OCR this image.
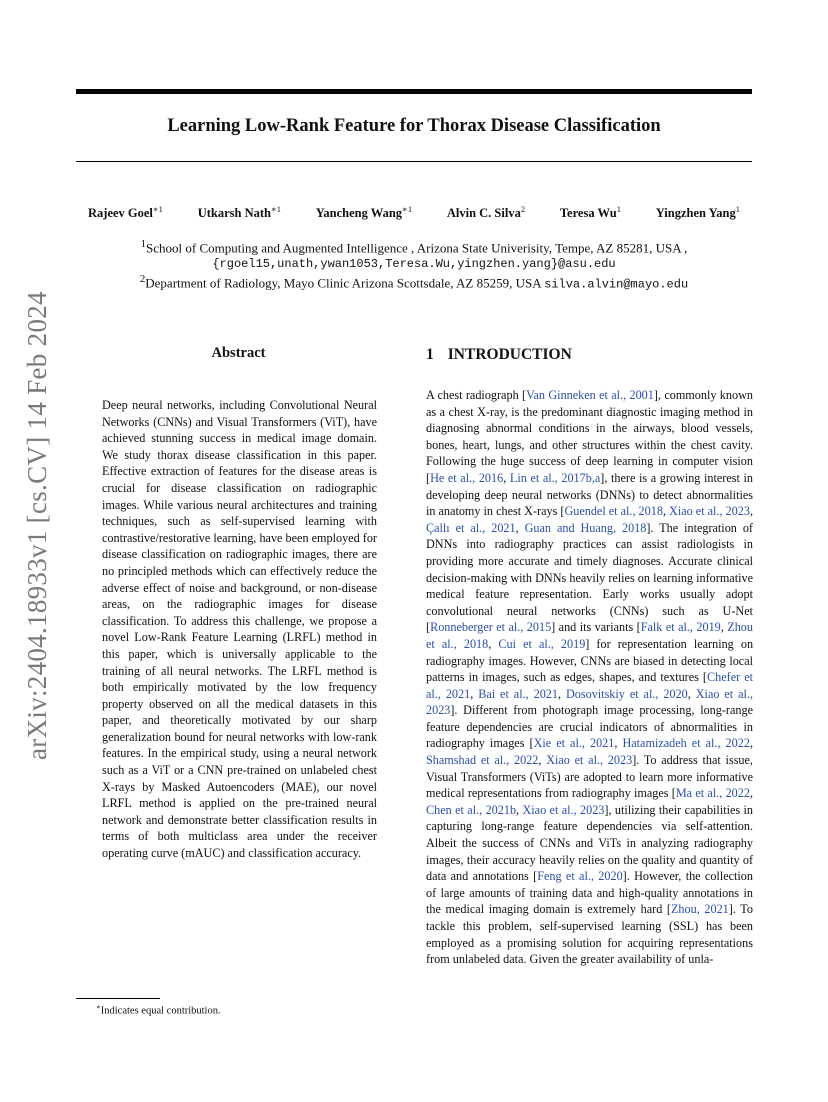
arXiv:2404.18933v1 [cs.CV] 14 Feb 2024
Learning Low-Rank Feature for Thorax Disease Classification
Rajeev Goel$^{∗1}$	Utkarsh Nath$^{∗1}$	Yancheng Wang$^{∗1}$	Alvin C. Silva$^2$	Teresa Wu$^1$	Yingzhen Yang$^1$
$^1$School of Computing and Augmented Intelligence , Arizona State Univerisity, Tempe, AZ 85281, USA ,
{rgoel15,unath,ywan1053,Teresa.Wu,yingzhen.yang}@asu.edu
$^2$Department of Radiology, Mayo Clinic Arizona Scottsdale, AZ 85259, USA silva.alvin@mayo.edu
Abstract
Deep neural networks, including Convolutional Neural Networks (CNNs) and Visual Transformers (ViT), have achieved stunning success in medical image domain. We study thorax disease classification in this paper. Effective extraction of features for the disease areas is crucial for disease classification on radiographic images. While various neural architectures and training techniques, such as self-supervised learning with contrastive/restorative learning, have been employed for disease classification on radiographic images, there are no principled methods which can effectively reduce the adverse effect of noise and background, or non-disease areas, on the radiographic images for disease classification. To address this challenge, we propose a novel Low-Rank Feature Learning (LRFL) method in this paper, which is universally applicable to the training of all neural networks. The LRFL method is both empirically motivated by the low frequency property observed on all the medical datasets in this paper, and theoretically motivated by our sharp generalization bound for neural networks with low-rank features. In the empirical study, using a neural network such as a ViT or a CNN pre-trained on unlabeled chest X-rays by Masked Autoencoders (MAE), our novel LRFL method is applied on the pre-trained neural network and demonstrate better classification results in terms of both multiclass area under the receiver operating curve (mAUC) and classification accuracy.
1 INTRODUCTION
A chest radiograph [Van Ginneken et al., 2001], commonly known as a chest X-ray, is the predominant diagnostic imaging method in diagnosing abnormal conditions in the airways, blood vessels, bones, heart, lungs, and other structures within the chest cavity. Following the huge success of deep learning in computer vision [He et al., 2016, Lin et al., 2017b,a], there is a growing interest in developing deep neural networks (DNNs) to detect abnormalities in anatomy in chest X-rays [Guendel et al., 2018, Xiao et al., 2023, Çallı et al., 2021, Guan and Huang, 2018]. The integration of DNNs into radiography practices can assist radiologists in providing more accurate and timely diagnoses. Accurate clinical decision-making with DNNs heavily relies on learning informative medical feature representation. Early works usually adopt convolutional neural networks (CNNs) such as U-Net [Ronneberger et al., 2015] and its variants [Falk et al., 2019, Zhou et al., 2018, Cui et al., 2019] for representation learning on radiography images. However, CNNs are biased in detecting local patterns in images, such as edges, shapes, and textures [Chefer et al., 2021, Bai et al., 2021, Dosovitskiy et al., 2020, Xiao et al., 2023]. Different from photograph image processing, long-range feature dependencies are crucial indicators of abnormalities in radiography images [Xie et al., 2021, Hatamizadeh et al., 2022, Shamshad et al., 2022, Xiao et al., 2023]. To address that issue, Visual Transformers (ViTs) are adopted to learn more informative medical representations from radiography images [Ma et al., 2022, Chen et al., 2021b, Xiao et al., 2023], utilizing their capabilities in capturing long-range feature dependencies via self-attention. Albeit the success of CNNs and ViTs in analyzing radiography images, their accuracy heavily relies on the quality and quantity of data and annotations [Feng et al., 2020]. However, the collection of large amounts of training data and high-quality annotations in the medical imaging domain is extremely hard [Zhou, 2021]. To tackle this problem, self-supervised learning (SSL) has been employed as a promising solution for acquiring representations from unlabeled data. Given the greater availability of unla-
∗Indicates equal contribution.
